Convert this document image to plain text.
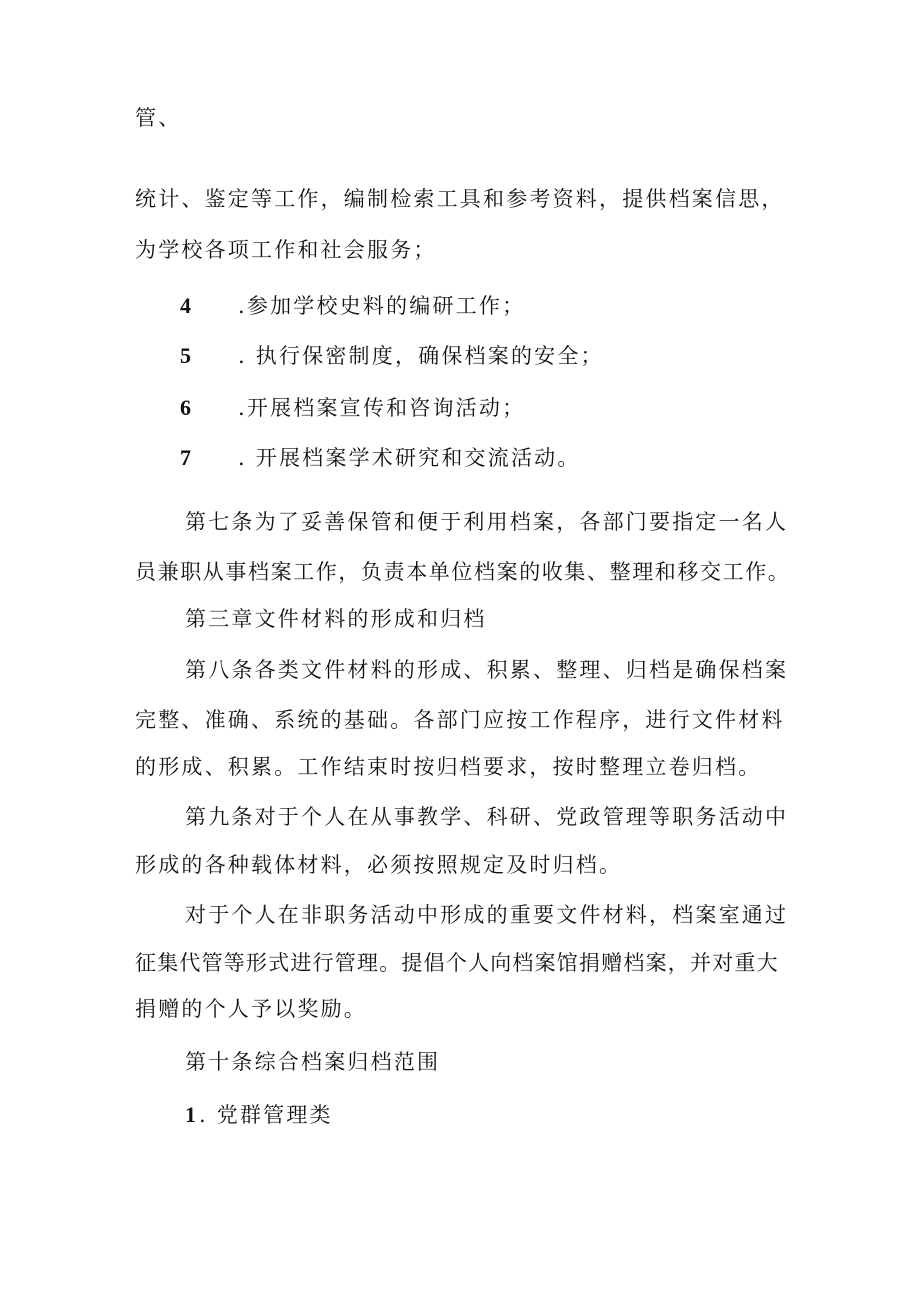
管、
统计、鉴定等工作，编制检索工具和参考资料，提供档案信思，
为学校各项工作和社会服务；
4 .参加学校史料的编研工作；
5 . 执行保密制度，确保档案的安全；
6 .开展档案宣传和咨询活动；
7 . 开展档案学术研究和交流活动。
第七条为了妥善保管和便于利用档案，各部门要指定一名人
员兼职从事档案工作，负责本单位档案的收集、整理和移交工作。
第三章文件材料的形成和归档
第八条各类文件材料的形成、积累、整理、归档是确保档案
完整、准确、系统的基础。各部门应按工作程序，进行文件材料
的形成、积累。工作结束时按归档要求，按时整理立卷归档。
第九条对于个人在从事教学、科研、党政管理等职务活动中
形成的各种载体材料，必须按照规定及时归档。
对于个人在非职务活动中形成的重要文件材料，档案室通过
征集代管等形式进行管理。提倡个人向档案馆捐赠档案，并对重大
捐赠的个人予以奖励。
第十条综合档案归档范围
1 . 党群管理类
